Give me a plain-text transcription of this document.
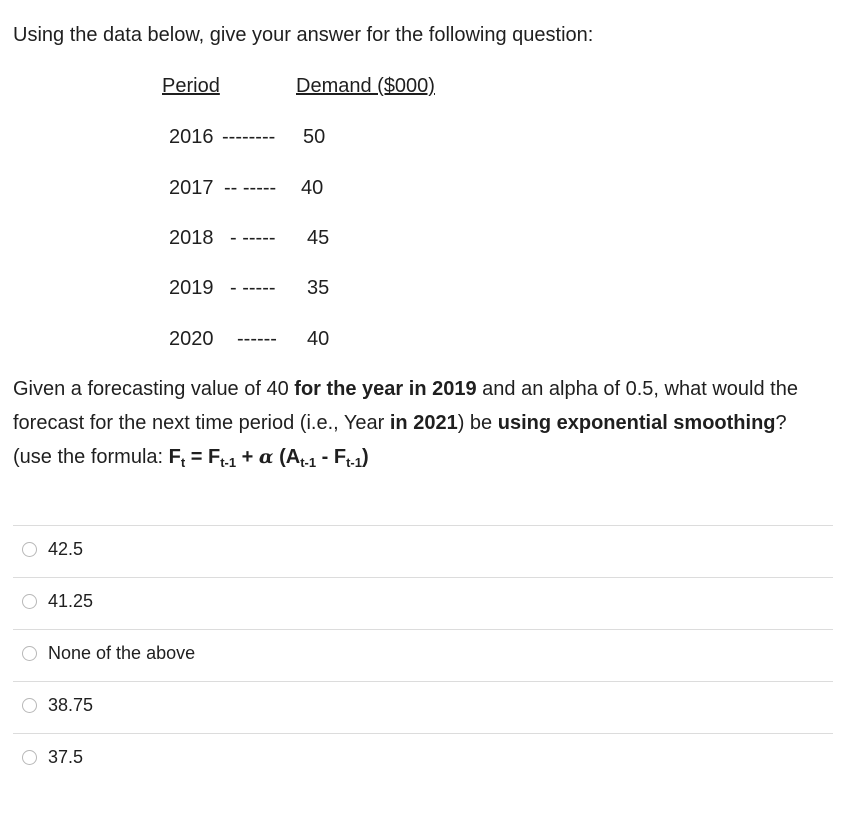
Using the data below, give your answer for the following question:
Period	Demand ($000)
2016 -------- 50
2017 -- ----- 40
2018 - ----- 45
2019 - ----- 35
2020 ------ 40
Given a forecasting value of 40 for the year in 2019 and an alpha of 0.5, what would the forecast for the next time period (i.e., Year in 2021) be using exponential smoothing? (use the formula: $F_t = F_{t-1} + \alpha$ $(A_{t-1} - F_{t-1})$
42.5
41.25
None of the above
38.75
37.5
